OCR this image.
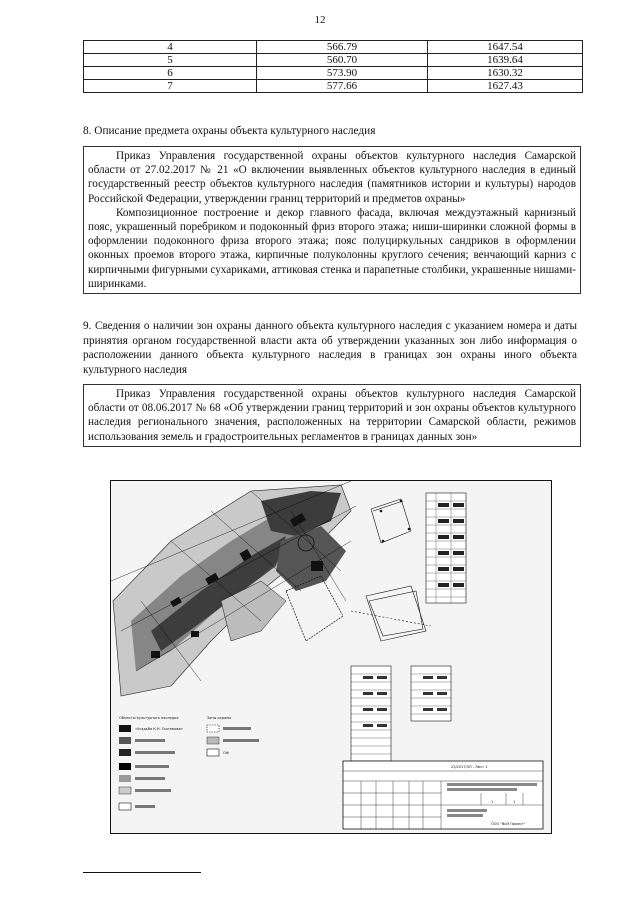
12
4	566.79	1647.54
5	560.70	1639.64
6	573.90	1630.32
7	577.66	1627.43
8. Описание предмета охраны объекта культурного наследия

Приказ Управления государственной охраны объектов культурного наследия Самарской области от 27.02.2017 № 21 «О включении выявленных объектов культурного наследия в единый государственный реестр объектов культурного наследия (памятников истории и культуры) народов Российской Федерации, утверждении границ территорий и предметов охраны»

Композиционное построение и декор главного фасада, включая междуэтажный карнизный пояс, украшенный поребриком и подоконный фриз второго этажа; ниши-ширинки сложной формы в оформлении подоконного фриза второго этажа; пояс полуциркульных сандриков в оформлении оконных проемов второго этажа, кирпичные полуколонны круглого сечения; венчающий карниз с кирпичными фигурными сухариками, аттиковая стенка и парапетные столбики, украшенные нишами-ширинками.

9. Сведения о наличии зон охраны данного объекта культурного наследия с указанием номера и даты принятия органом государственной власти акта об утверждении указанных зон либо информация о расположении данного объекта культурного наследия в границах зон охраны иного объекта культурного наследия

Приказ Управления государственной охраны объектов культурного наследия Самарской области от 08.06.2017 № 68 «Об утверждении границ территорий и зон охраны объектов культурного наследия регионального значения, расположенных на территории Самарской области, режимов использования земель и градостроительных регламентов в границах данных зон»

Объекты культурного наследия	Зоны охраны
«Усадьба К.Н. Оштемова»
ОФ
23/2017/ЗО - Лист 1
1	1
ООО "ВиЭ Проект"
